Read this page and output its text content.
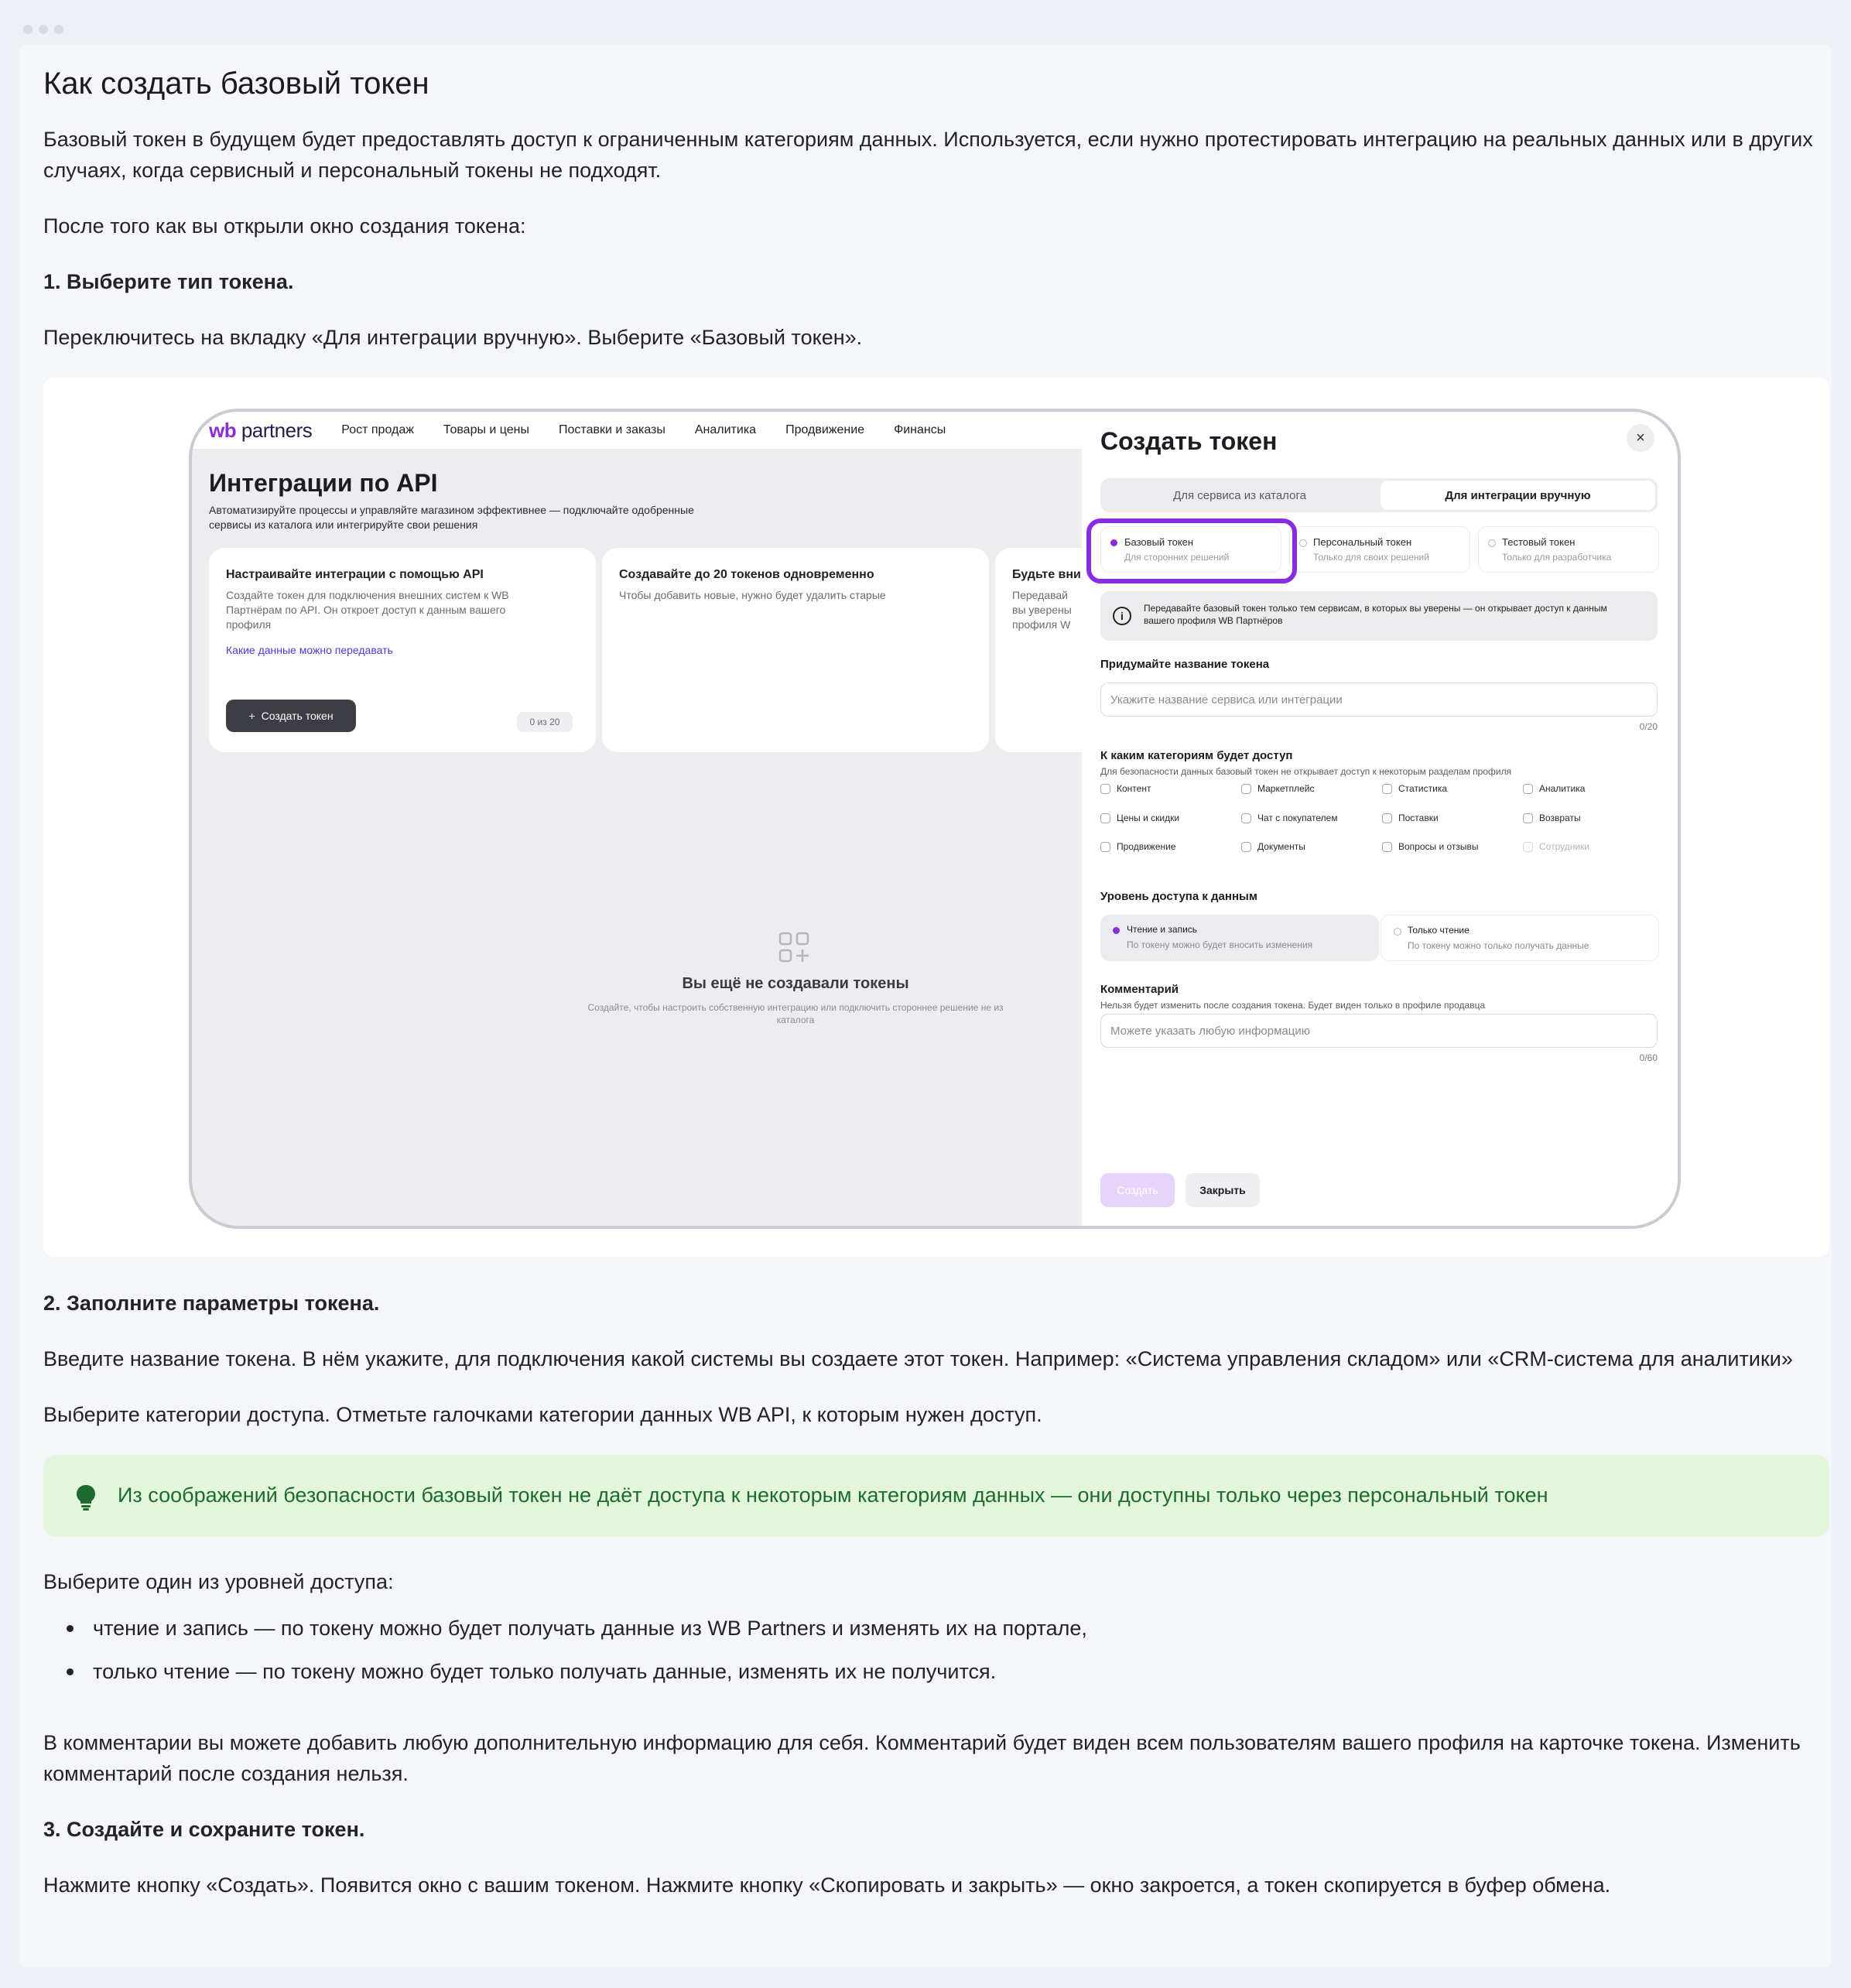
Как создать базовый токен

Базовый токен в будущем будет предоставлять доступ к ограниченным категориям данных. Используется, если нужно протестировать интеграцию на реальных данных или в других случаях, когда сервисный и персональный токены не подходят.

После того как вы открыли окно создания токена:

1. Выберите тип токена.

Переключитесь на вкладку «Для интеграции вручную». Выберите «Базовый токен».

wb partners Рост продаж Товары и цены Поставки и заказы Аналитика Продвижение Финансы
Интеграции по API
Автоматизируйте процессы и управляйте магазином эффективнее — подключайте одобренные сервисы из каталога или интегрируйте свои решения
Настраивайте интеграции с помощью API
Создайте токен для подключения внешних систем к WB Партнёрам по API. Он откроет доступ к данным вашего профиля
Какие данные можно передавать
+ Создать токен	0 из 20
Создавайте до 20 токенов одновременно
Чтобы добавить новые, нужно будет удалить старые
Будьте вни
Передавай вы уверены профиля W
Вы ещё не создавали токены
Создайте, чтобы настроить собственную интеграцию или подключить стороннее решение не из каталога
Создать токен	×
Для сервиса из каталога	Для интеграции вручную
Базовый токен
Для сторонних решений
Персональный токен
Только для своих решений
Тестовый токен
Только для разработчика
i
Передавайте базовый токен только тем сервисам, в которых вы уверены — он открывает доступ к данным вашего профиля WB Партнёров
Придумайте название токена
Укажите название сервиса или интеграции
0/20
К каким категориям будет доступ
Для безопасности данных базовый токен не открывает доступ к некоторым разделам профиля
Контент	Маркетплейс	Статистика	Аналитика
Цены и скидки	Чат с покупателем	Поставки	Возвраты
Продвижение	Документы	Вопросы и отзывы	Сотрудники
Уровень доступа к данным
Чтение и запись
По токену можно будет вносить изменения
Только чтение
По токену можно только получать данные
Комментарий
Нельзя будет изменить после создания токена. Будет виден только в профиле продавца
Можете указать любую информацию
0/60
Создать	Закрыть

2. Заполните параметры токена.

Введите название токена. В нём укажите, для подключения какой системы вы создаете этот токен. Например: «Система управления складом» или «CRM-система для аналитики»

Выберите категории доступа. Отметьте галочками категории данных WB API, к которым нужен доступ.

Из соображений безопасности базовый токен не даёт доступа к некоторым категориям данных — они доступны только через персональный токен

Выберите один из уровней доступа:

чтение и запись — по токену можно будет получать данные из WB Partners и изменять их на портале,
только чтение — по токену можно будет только получать данные, изменять их не получится.

В комментарии вы можете добавить любую дополнительную информацию для себя. Комментарий будет виден всем пользователям вашего профиля на карточке токена. Изменить комментарий после создания нельзя.

3. Создайте и сохраните токен.

Нажмите кнопку «Создать». Появится окно с вашим токеном. Нажмите кнопку «Скопировать и закрыть» — окно закроется, а токен скопируется в буфер обмена.
